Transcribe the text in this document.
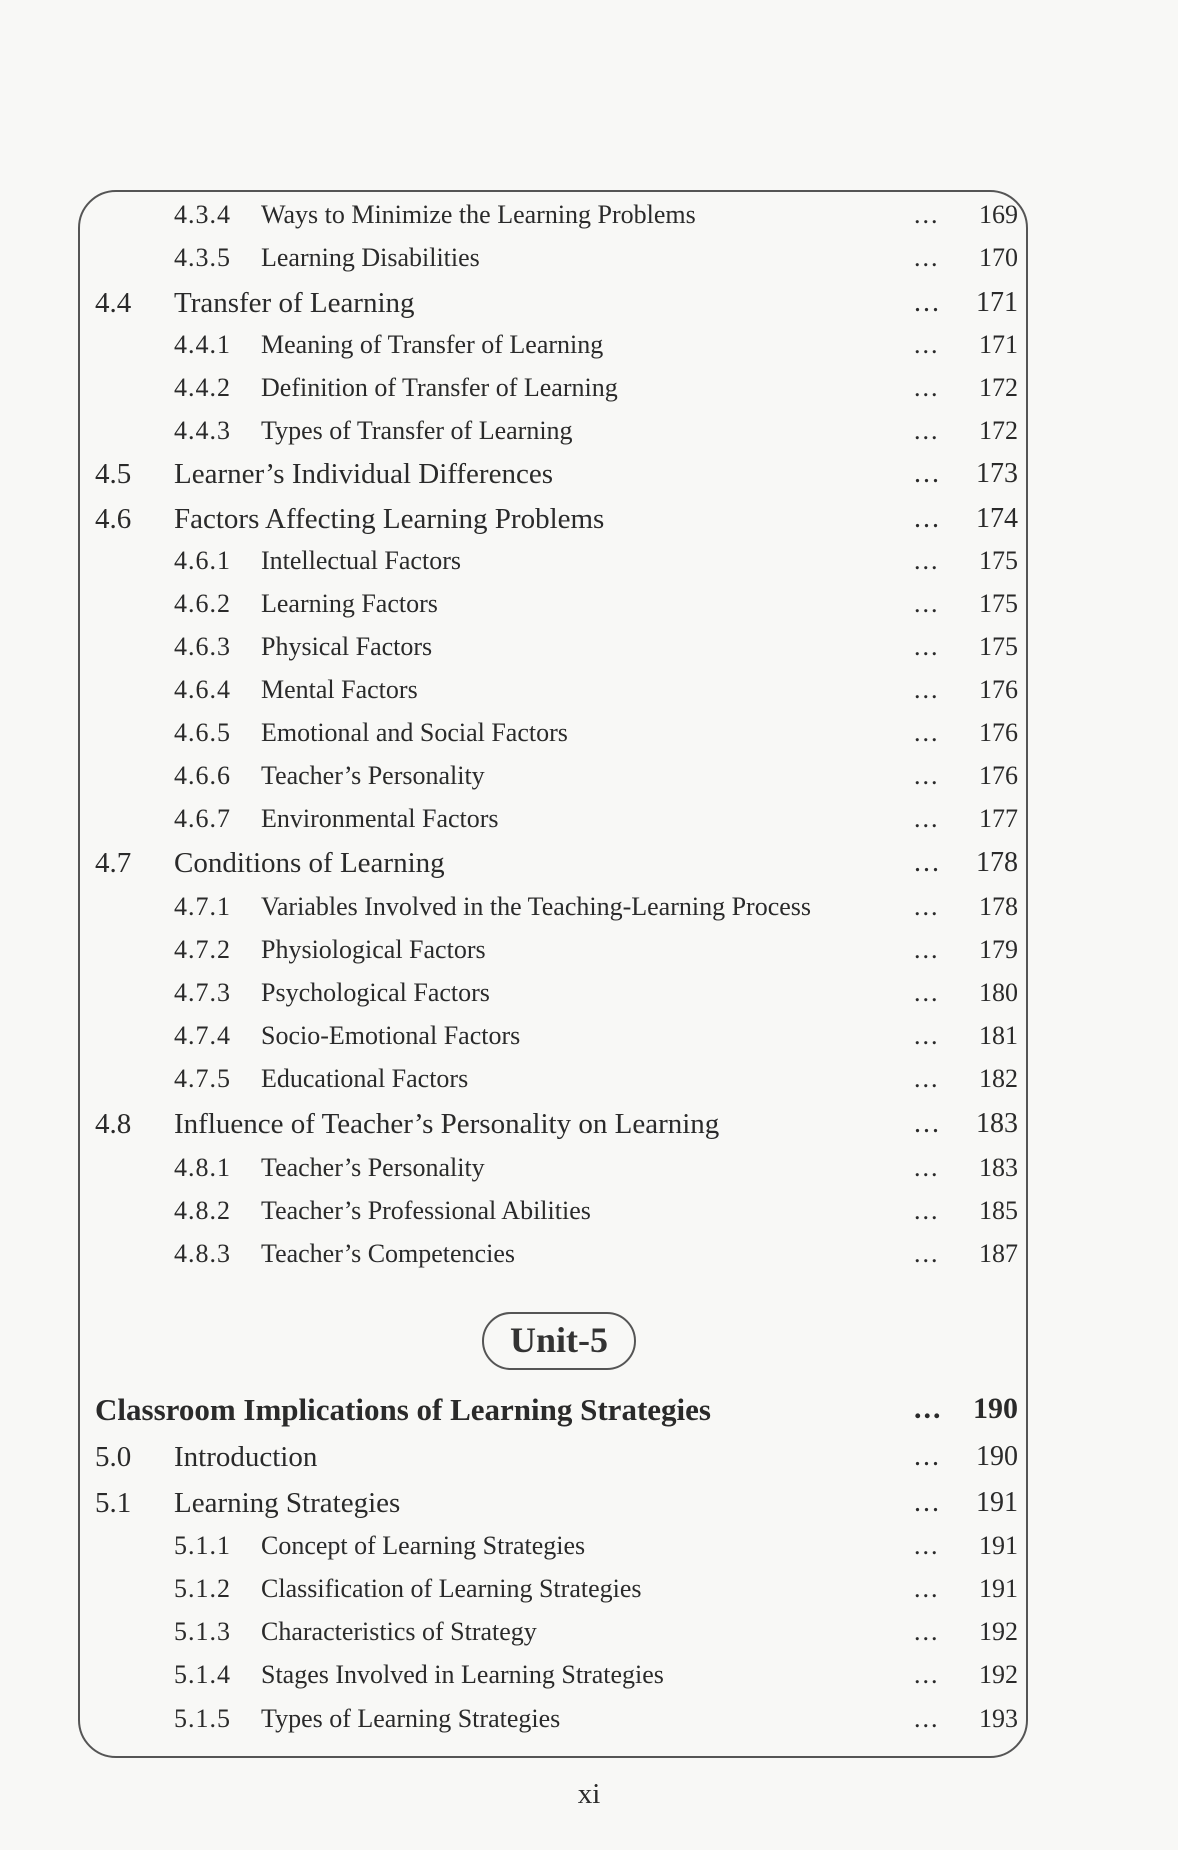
4.3.4 Ways to Minimize the Learning Problems	... 169
4.3.5 Learning Disabilities	... 170
4.4 Transfer of Learning	... 171
4.4.1 Meaning of Transfer of Learning	... 171
4.4.2 Definition of Transfer of Learning	... 172
4.4.3 Types of Transfer of Learning	... 172
4.5 Learner’s Individual Differences	... 173
4.6 Factors Affecting Learning Problems	... 174
4.6.1 Intellectual Factors	... 175
4.6.2 Learning Factors	... 175
4.6.3 Physical Factors	... 175
4.6.4 Mental Factors	... 176
4.6.5 Emotional and Social Factors	... 176
4.6.6 Teacher’s Personality	... 176
4.6.7 Environmental Factors	... 177
4.7 Conditions of Learning	... 178
4.7.1 Variables Involved in the Teaching-Learning Process	... 178
4.7.2 Physiological Factors	... 179
4.7.3 Psychological Factors	... 180
4.7.4 Socio-Emotional Factors	... 181
4.7.5 Educational Factors	... 182
4.8 Influence of Teacher’s Personality on Learning	... 183
4.8.1 Teacher’s Personality	... 183
4.8.2 Teacher’s Professional Abilities	... 185
4.8.3 Teacher’s Competencies	... 187
Classroom Implications of Learning Strategies	... 190
5.0 Introduction	... 190
5.1 Learning Strategies	... 191
5.1.1 Concept of Learning Strategies	... 191
5.1.2 Classification of Learning Strategies	... 191
5.1.3 Characteristics of Strategy	... 192
5.1.4 Stages Involved in Learning Strategies	... 192
5.1.5 Types of Learning Strategies	... 193
Unit-5
xi
